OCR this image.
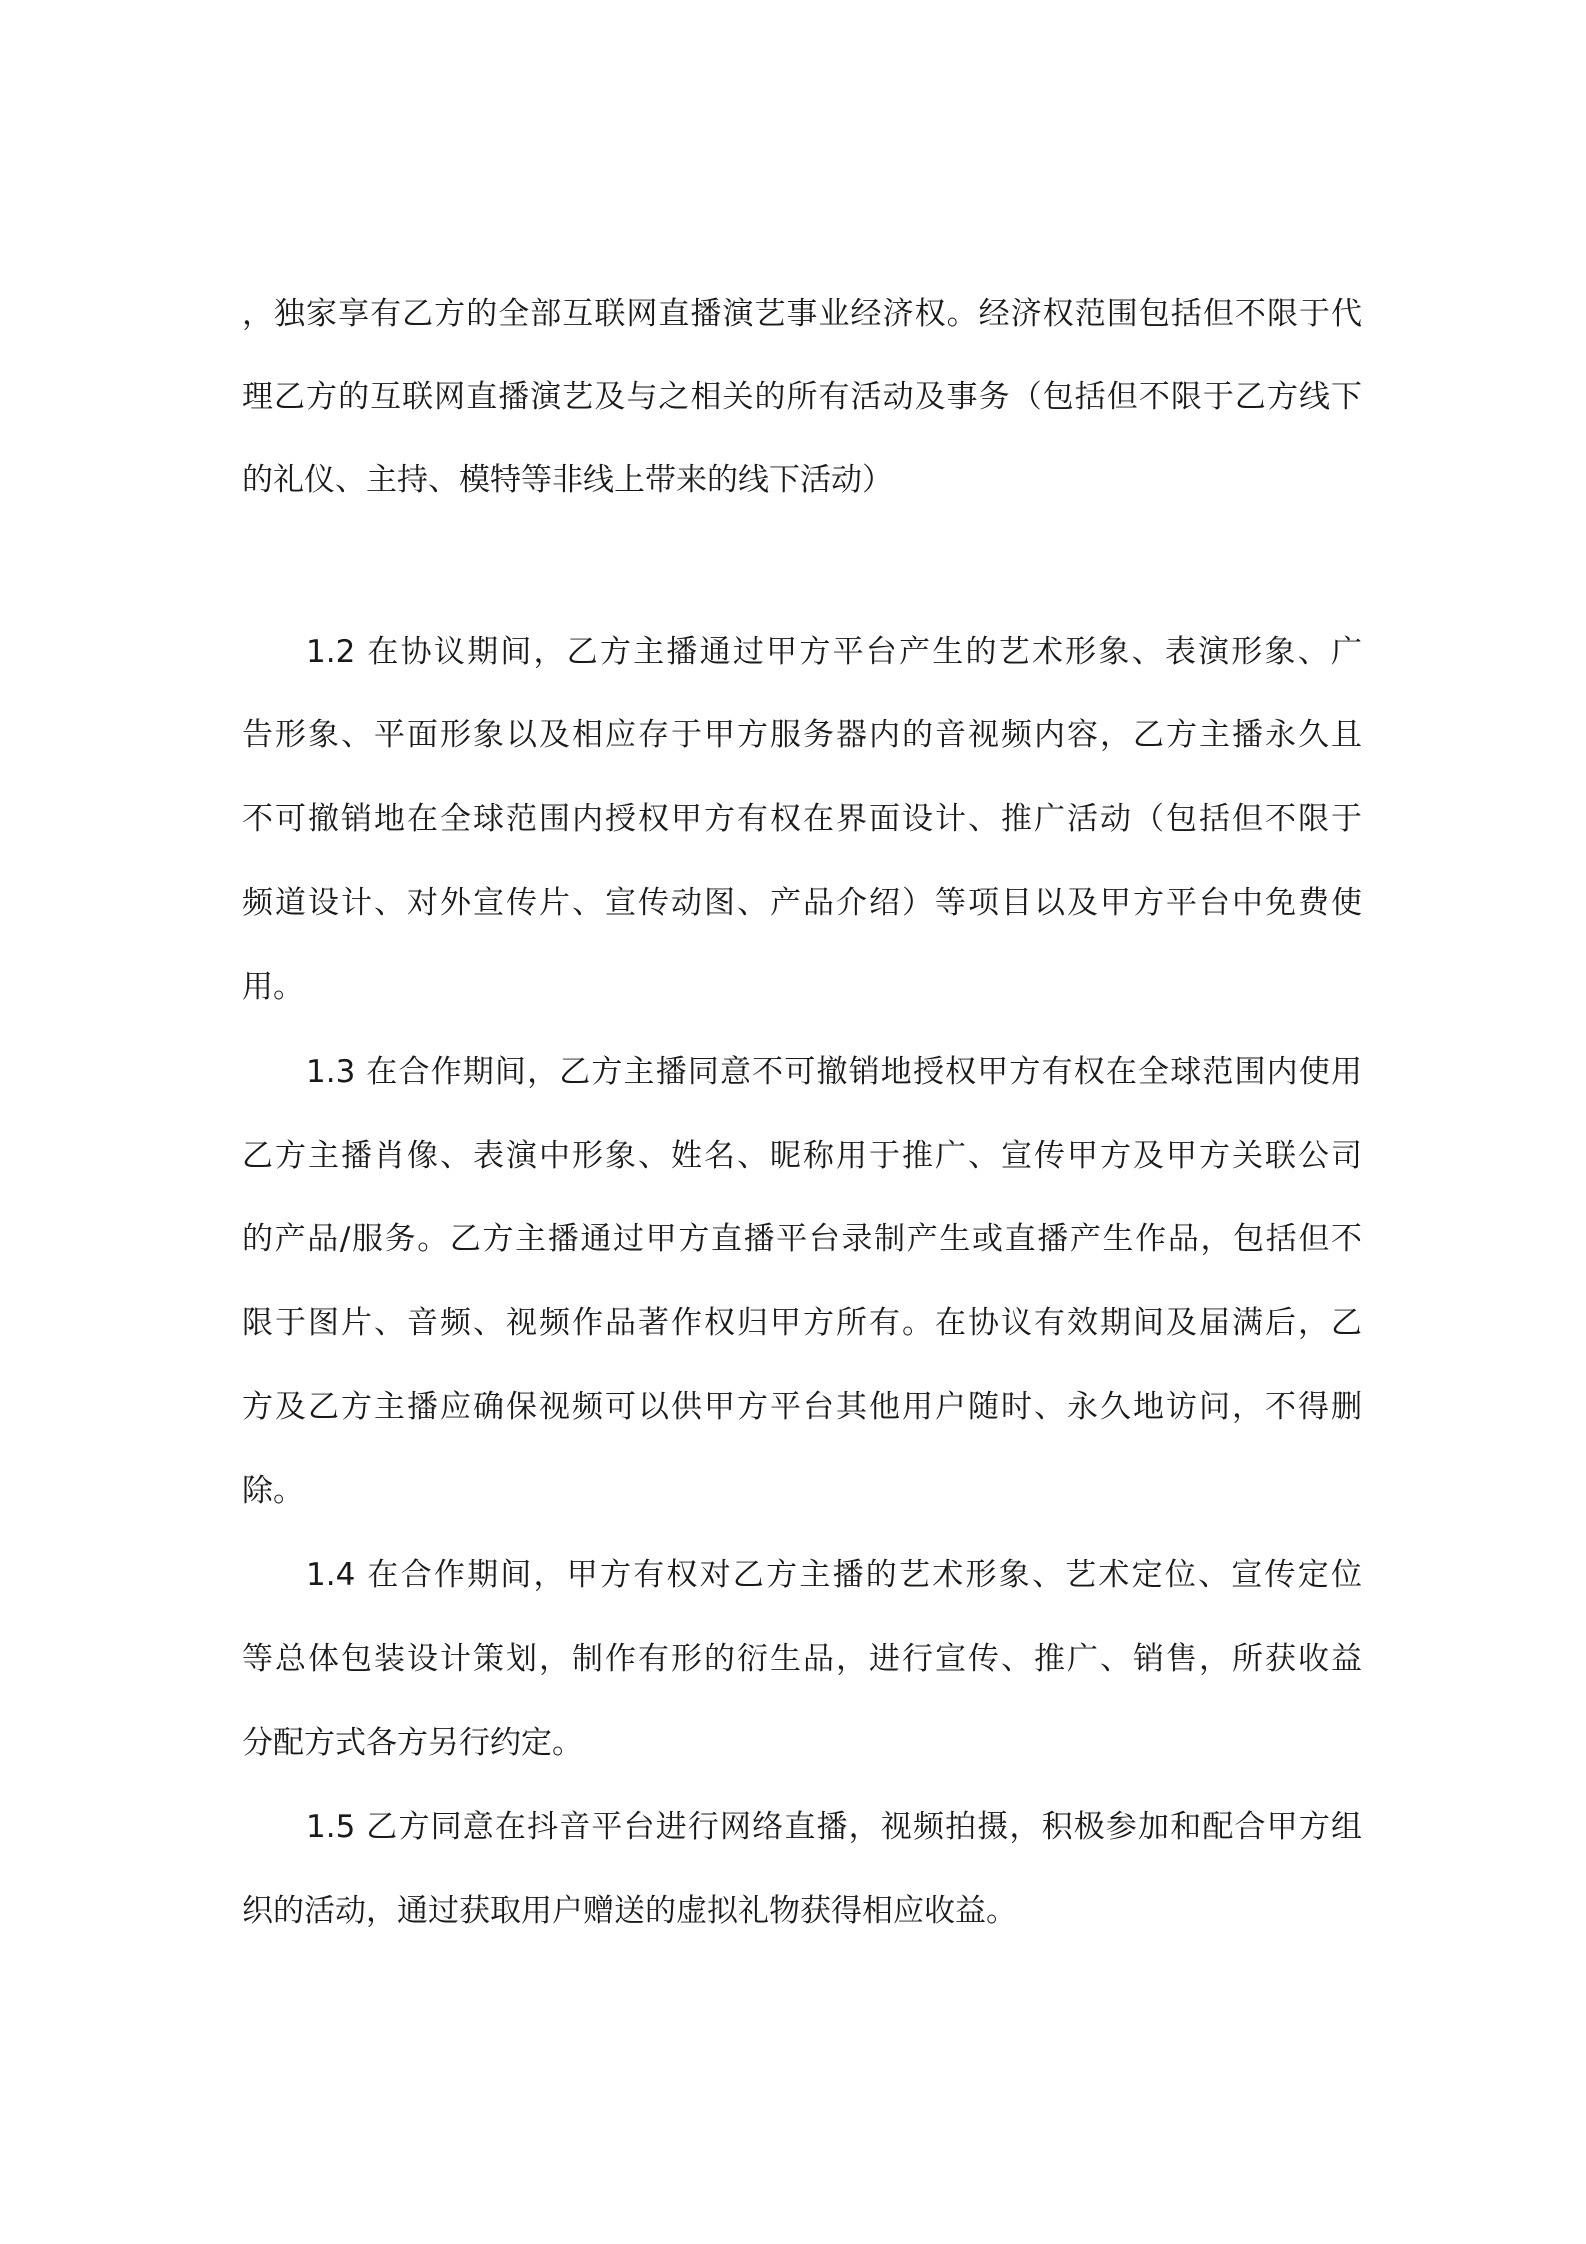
，独家享有乙方的全部互联网直播演艺事业经济权。经济权范围包括但不限于代
理乙方的互联网直播演艺及与之相关的所有活动及事务（包括但不限于乙方线下
的礼仪、主持、模特等非线上带来的线下活动）
1.2 在协议期间，乙方主播通过甲方平台产生的艺术形象、表演形象、广
告形象、平面形象以及相应存于甲方服务器内的音视频内容，乙方主播永久且
不可撤销地在全球范围内授权甲方有权在界面设计、推广活动（包括但不限于
频道设计、对外宣传片、宣传动图、产品介绍）等项目以及甲方平台中免费使
用。
1.3 在合作期间，乙方主播同意不可撤销地授权甲方有权在全球范围内使用
乙方主播肖像、表演中形象、姓名、昵称用于推广、宣传甲方及甲方关联公司
的产品/服务。乙方主播通过甲方直播平台录制产生或直播产生作品，包括但不
限于图片、音频、视频作品著作权归甲方所有。在协议有效期间及届满后，乙
方及乙方主播应确保视频可以供甲方平台其他用户随时、永久地访问，不得删
除。
1.4 在合作期间，甲方有权对乙方主播的艺术形象、艺术定位、宣传定位
等总体包装设计策划，制作有形的衍生品，进行宣传、推广、销售，所获收益
分配方式各方另行约定。
1.5 乙方同意在抖音平台进行网络直播，视频拍摄，积极参加和配合甲方组
织的活动，通过获取用户赠送的虚拟礼物获得相应收益。
